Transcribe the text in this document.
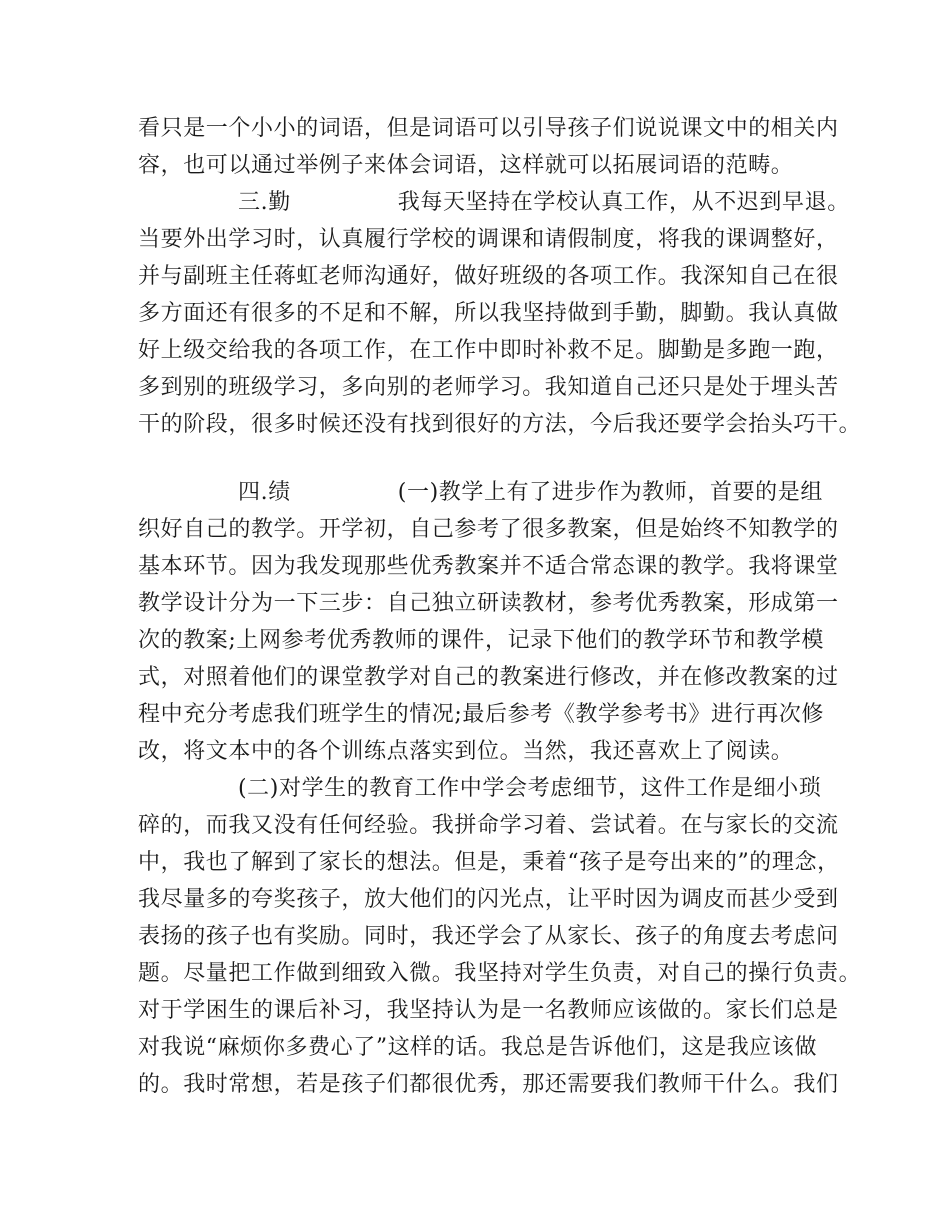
看只是一个小小的词语，但是词语可以引导孩子们说说课文中的相关内
容，也可以通过举例子来体会词语，这样就可以拓展词语的范畴。
三.勤	我每天坚持在学校认真工作，从不迟到早退。
当要外出学习时，认真履行学校的调课和请假制度，将我的课调整好，
并与副班主任蒋虹老师沟通好，做好班级的各项工作。我深知自己在很
多方面还有很多的不足和不解，所以我坚持做到手勤，脚勤。我认真做
好上级交给我的各项工作，在工作中即时补救不足。脚勤是多跑一跑，
多到别的班级学习，多向别的老师学习。我知道自己还只是处于埋头苦
干的阶段，很多时候还没有找到很好的方法，今后我还要学会抬头巧干。
四.绩	(一)教学上有了进步作为教师，首要的是组
织好自己的教学。开学初，自己参考了很多教案，但是始终不知教学的
基本环节。因为我发现那些优秀教案并不适合常态课的教学。我将课堂
教学设计分为一下三步：自己独立研读教材，参考优秀教案，形成第一
次的教案;上网参考优秀教师的课件，记录下他们的教学环节和教学模
式，对照着他们的课堂教学对自己的教案进行修改，并在修改教案的过
程中充分考虑我们班学生的情况;最后参考《教学参考书》进行再次修
改，将文本中的各个训练点落实到位。当然，我还喜欢上了阅读。
(二)对学生的教育工作中学会考虑细节，这件工作是细小琐
碎的，而我又没有任何经验。我拼命学习着、尝试着。在与家长的交流
中，我也了解到了家长的想法。但是，秉着“孩子是夸出来的”的理念，
我尽量多的夸奖孩子，放大他们的闪光点，让平时因为调皮而甚少受到
表扬的孩子也有奖励。同时，我还学会了从家长、孩子的角度去考虑问
题。尽量把工作做到细致入微。我坚持对学生负责，对自己的操行负责。
对于学困生的课后补习，我坚持认为是一名教师应该做的。家长们总是
对我说“麻烦你多费心了”这样的话。我总是告诉他们，这是我应该做
的。我时常想，若是孩子们都很优秀，那还需要我们教师干什么。我们
